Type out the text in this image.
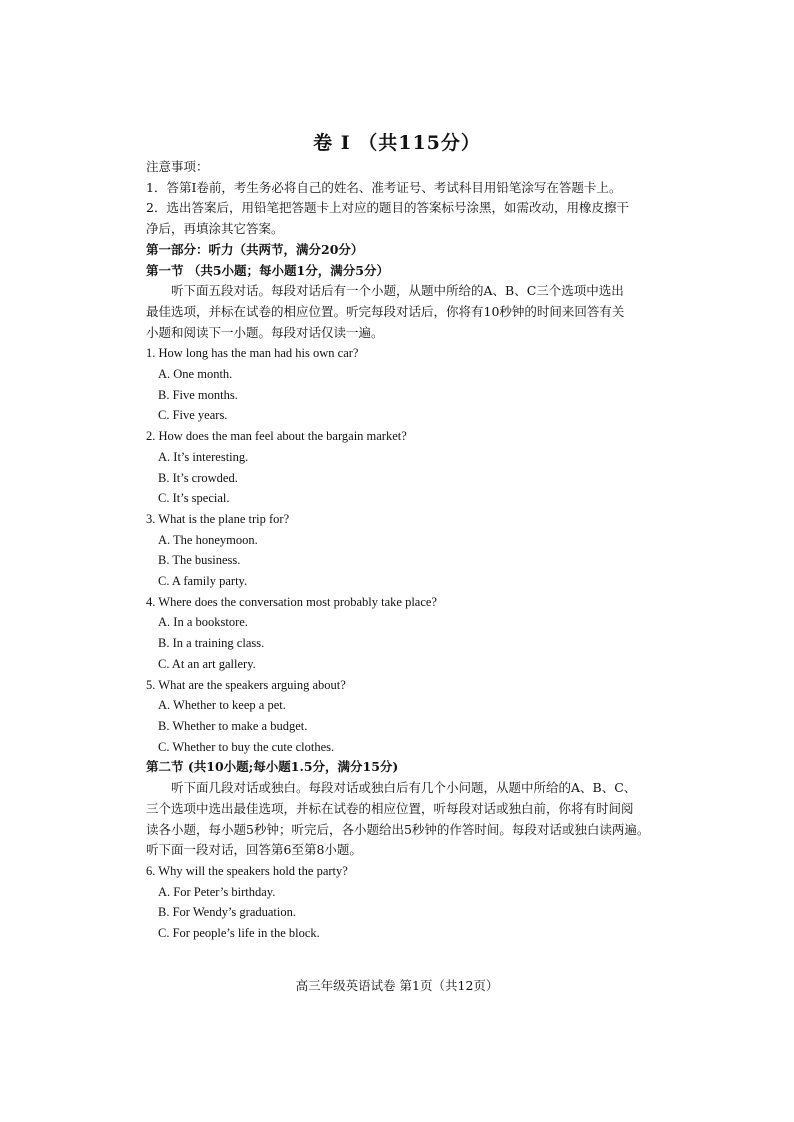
卷 Ⅰ （共115分）
注意事项：
1．答第Ⅰ卷前，考生务必将自己的姓名、准考证号、考试科目用铅笔涂写在答题卡上。
2．选出答案后，用铅笔把答题卡上对应的题目的答案标号涂黑，如需改动，用橡皮擦干
净后，再填涂其它答案。
第一部分：听力（共两节，满分20分）
第一节 （共5小题；每小题1分，满分5分）
听下面五段对话。每段对话后有一个小题，从题中所给的A、B、C三个选项中选出
最佳选项，并标在试卷的相应位置。听完每段对话后，你将有10秒钟的时间来回答有关
小题和阅读下一小题。每段对话仅读一遍。
1. How long has the man had his own car?
A. One month.
B. Five months.
C. Five years.
2. How does the man feel about the bargain market?
A. It’s interesting.
B. It’s crowded.
C. It’s special.
3. What is the plane trip for?
A. The honeymoon.
B. The business.
C. A family party.
4. Where does the conversation most probably take place?
A. In a bookstore.
B. In a training class.
C. At an art gallery.
5. What are the speakers arguing about?
A. Whether to keep a pet.
B. Whether to make a budget.
C. Whether to buy the cute clothes.
第二节 (共10小题;每小题1.5分，满分15分)
听下面几段对话或独白。每段对话或独白后有几个小问题，从题中所给的A、B、C、
三个选项中选出最佳选项，并标在试卷的相应位置，听每段对话或独白前，你将有时间阅
读各小题，每小题5秒钟；听完后，各小题给出5秒钟的作答时间。每段对话或独白读两遍。
听下面一段对话，回答第6至第8小题。
6. Why will the speakers hold the party?
A. For Peter’s birthday.
B. For Wendy’s graduation.
C. For people’s life in the block.
高三年级英语试卷 第1页（共12页）
